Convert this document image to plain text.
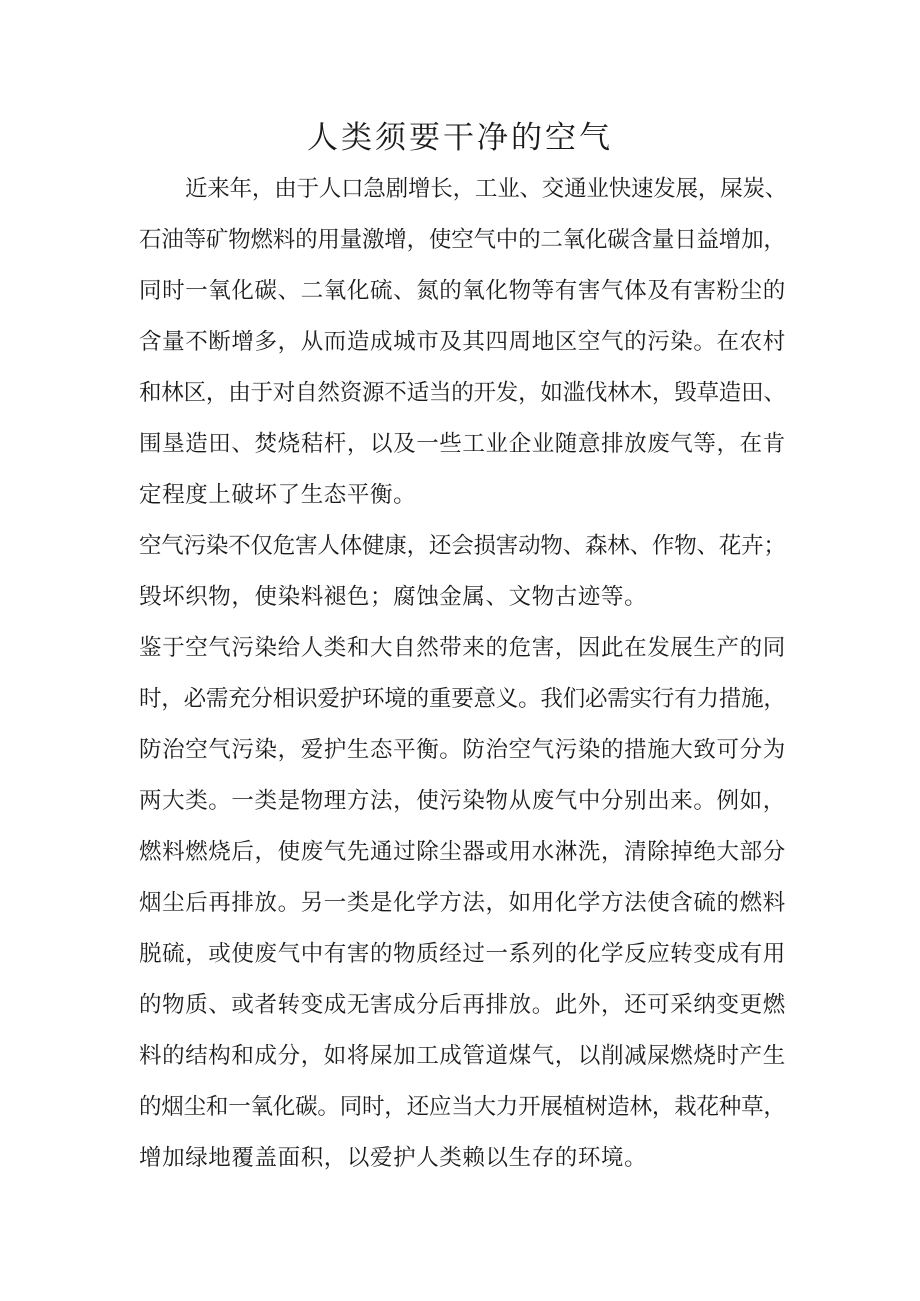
人类须要干净的空气
近来年，由于人口急剧增长，工业、交通业快速发展，屎炭、
石油等矿物燃料的用量激增，使空气中的二氧化碳含量日益增加，
同时一氧化碳、二氧化硫、氮的氧化物等有害气体及有害粉尘的
含量不断增多，从而造成城市及其四周地区空气的污染。在农村
和林区，由于对自然资源不适当的开发，如滥伐林木，毁草造田、
围垦造田、焚烧秸杆，以及一些工业企业随意排放废气等，在肯
定程度上破坏了生态平衡。
空气污染不仅危害人体健康，还会损害动物、森林、作物、花卉；
毁坏织物，使染料褪色；腐蚀金属、文物古迹等。
鉴于空气污染给人类和大自然带来的危害，因此在发展生产的同
时，必需充分相识爱护环境的重要意义。我们必需实行有力措施，
防治空气污染，爱护生态平衡。防治空气污染的措施大致可分为
两大类。一类是物理方法，使污染物从废气中分别出来。例如，
燃料燃烧后，使废气先通过除尘器或用水淋洗，清除掉绝大部分
烟尘后再排放。另一类是化学方法，如用化学方法使含硫的燃料
脱硫，或使废气中有害的物质经过一系列的化学反应转变成有用
的物质、或者转变成无害成分后再排放。此外，还可采纳变更燃
料的结构和成分，如将屎加工成管道煤气，以削减屎燃烧时产生
的烟尘和一氧化碳。同时，还应当大力开展植树造林，栽花种草，
增加绿地覆盖面积，以爱护人类赖以生存的环境。
